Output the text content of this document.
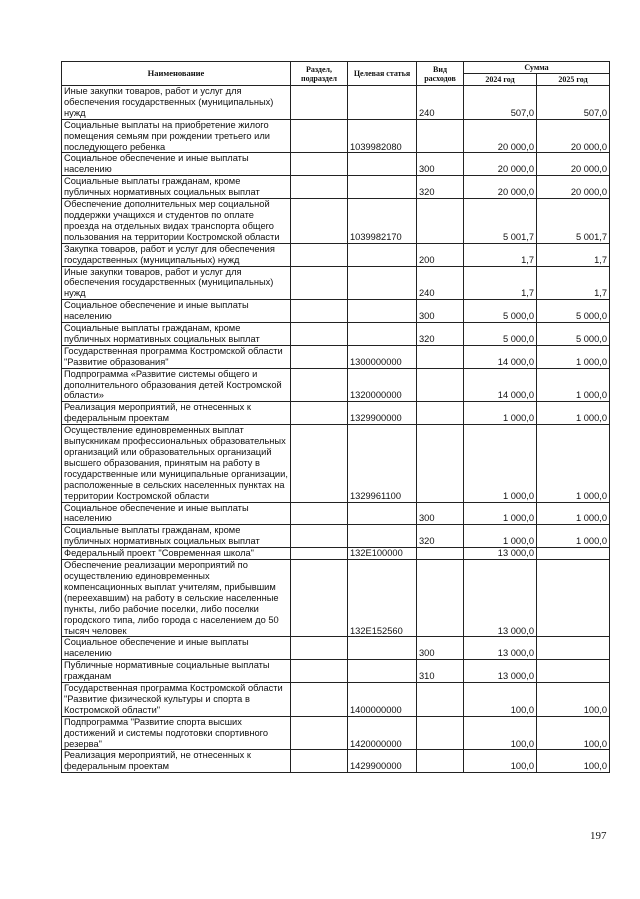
Наименование	Раздел, подраздел	Целевая статья	Вид расходов	Сумма	
				2024 год	2025 год
Иные закупки товаров, работ и услуг для обеспечения государственных (муниципальных) нужд			240	507,0	507,0
Социальные выплаты на приобретение жилого помещения семьям при рождении третьего или последующего ребенка		1039982080		20 000,0	20 000,0
Социальное обеспечение и иные выплаты населению			300	20 000,0	20 000,0
Социальные выплаты гражданам, кроме публичных нормативных социальных выплат			320	20 000,0	20 000,0
Обеспечение дополнительных мер социальной поддержки учащихся и студентов по оплате проезда на отдельных видах транспорта общего пользования на территории Костромской области		1039982170		5 001,7	5 001,7
Закупка товаров, работ и услуг для обеспечения государственных (муниципальных) нужд			200	1,7	1,7
Иные закупки товаров, работ и услуг для обеспечения государственных (муниципальных) нужд			240	1,7	1,7
Социальное обеспечение и иные выплаты населению			300	5 000,0	5 000,0
Социальные выплаты гражданам, кроме публичных нормативных социальных выплат			320	5 000,0	5 000,0
Государственная программа Костромской области "Развитие образования"		1300000000		14 000,0	1 000,0
Подпрограмма «Развитие системы общего и дополнительного образования детей Костромской области»		1320000000		14 000,0	1 000,0
Реализация мероприятий, не отнесенных к федеральным проектам		1329900000		1 000,0	1 000,0
Осуществление единовременных выплат выпускникам профессиональных образовательных организаций или образовательных организаций высшего образования, принятым на работу в государственные или муниципальные организации, расположенные в сельских населенных пунктах на территории Костромской области		1329961100		1 000,0	1 000,0
Социальное обеспечение и иные выплаты населению			300	1 000,0	1 000,0
Социальные выплаты гражданам, кроме публичных нормативных социальных выплат			320	1 000,0	1 000,0
Федеральный проект "Современная школа"		132E100000		13 000,0	
Обеспечение реализации мероприятий по осуществлению единовременных компенсационных выплат учителям, прибывшим (переехавшим) на работу в сельские населенные пункты, либо рабочие поселки, либо поселки городского типа, либо города с населением до 50 тысяч человек		132E152560		13 000,0	
Социальное обеспечение и иные выплаты населению			300	13 000,0	
Публичные нормативные социальные выплаты гражданам			310	13 000,0	
Государственная программа Костромской области "Развитие физической культуры и спорта в Костромской области"		1400000000		100,0	100,0
Подпрограмма "Развитие спорта высших достижений и системы подготовки спортивного резерва"		1420000000		100,0	100,0
Реализация мероприятий, не отнесенных к федеральным проектам		1429900000		100,0	100,0
197
